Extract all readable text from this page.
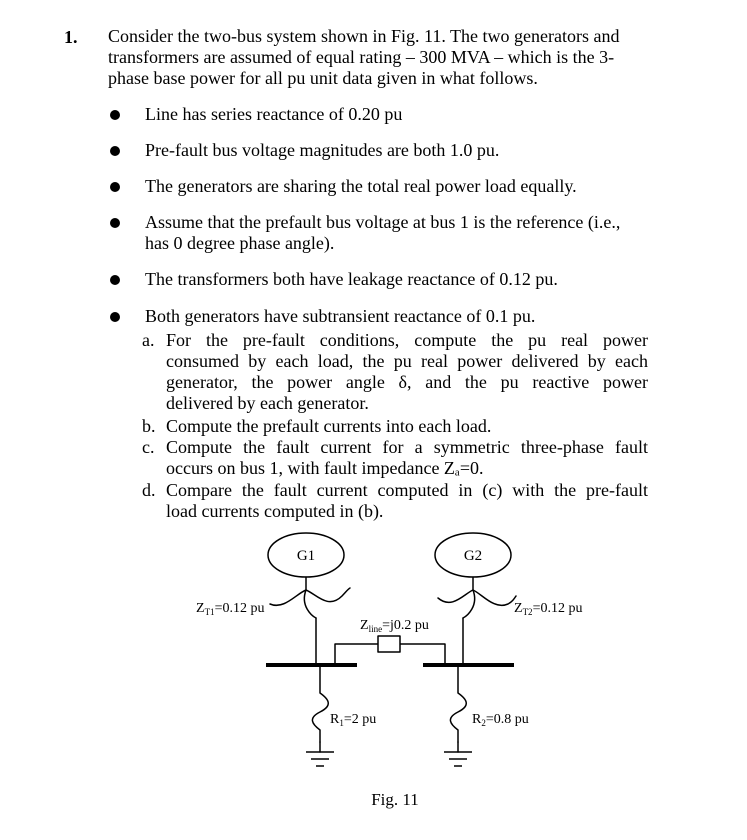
1. Consider the two-bus system shown in Fig. 11. The two generators and
transformers are assumed of equal rating – 300 MVA – which is the 3-
phase base power for all pu unit data given in what follows.
Line has series reactance of 0.20 pu
Pre-fault bus voltage magnitudes are both 1.0 pu.
The generators are sharing the total real power load equally.
Assume that the prefault bus voltage at bus 1 is the reference (i.e.,
has 0 degree phase angle).
The transformers both have leakage reactance of 0.12 pu.
Both generators have subtransient reactance of 0.1 pu.
a. For the pre-fault conditions, compute the pu real power
consumed by each load, the pu real power delivered by each
generator, the power angle δ, and the pu reactive power
delivered by each generator.
b. Compute the prefault currents into each load.
c. Compute the fault current for a symmetric three-phase fault
occurs on bus 1, with fault impedance Zₐ=0.
d. Compare the fault current computed in (c) with the pre-fault
load currents computed in (b).
G1	G2
$Z_{T1}=0.12$ pu	$Z_{T2}=0.12$ pu
$Z_{line}=j0.2$ pu
$R_1=2$ pu	$R_2=0.8$ pu
Fig. 11
